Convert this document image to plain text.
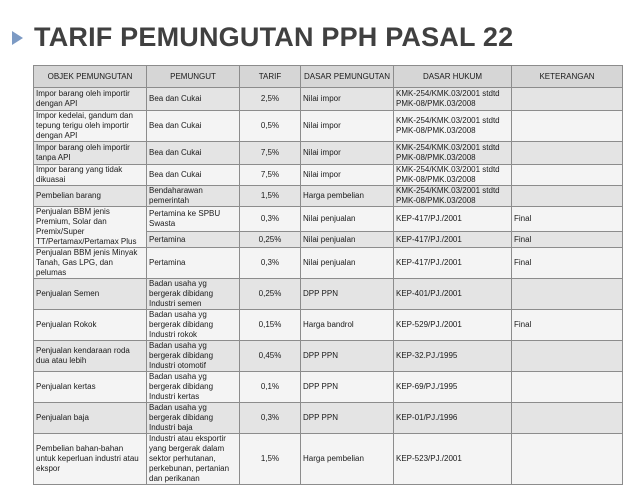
TARIF PEMUNGUTAN PPH PASAL 22
OBJEK PEMUNGUTAN	PEMUNGUT	TARIF	DASAR PEMUNGUTAN	DASAR HUKUM	KETERANGAN
Impor barang oleh importir dengan API	Bea dan Cukai	2,5%	Nilai impor	KMK-254/KMK.03/2001 stdtd PMK-08/PMK.03/2008	
Impor kedelai, gandum dan tepung terigu oleh importir dengan API	Bea dan Cukai	0,5%	Nilai impor	KMK-254/KMK.03/2001 stdtd PMK-08/PMK.03/2008	
Impor barang oleh importir tanpa API	Bea dan Cukai	7,5%	Nilai impor	KMK-254/KMK.03/2001 stdtd PMK-08/PMK.03/2008	
Impor barang yang tidak dikuasai	Bea dan Cukai	7,5%	Nilai impor	KMK-254/KMK.03/2001 stdtd PMK-08/PMK.03/2008	
Pembelian barang	Bendaharawan pemerintah	1,5%	Harga pembelian	KMK-254/KMK.03/2001 stdtd PMK-08/PMK.03/2008	
Penjualan BBM jenis Premium, Solar dan Premix/Super TT/Pertamax/Pertamax Plus	Pertamina ke SPBU Swasta	0,3%	Nilai penjualan	KEP-417/PJ./2001	Final
	Pertamina	0,25%	Nilai penjualan	KEP-417/PJ./2001	Final
Penjualan BBM jenis Minyak Tanah, Gas LPG, dan pelumas	Pertamina	0,3%	Nilai penjualan	KEP-417/PJ./2001	Final
Penjualan Semen	Badan usaha yg bergerak dibidang Industri semen	0,25%	DPP PPN	KEP-401/PJ./2001	
Penjualan Rokok	Badan usaha yg bergerak dibidang Industri rokok	0,15%	Harga bandrol	KEP-529/PJ./2001	Final
Penjualan kendaraan roda dua atau lebih	Badan usaha yg bergerak dibidang Industri otomotif	0,45%	DPP PPN	KEP-32.PJ./1995	
Penjualan kertas	Badan usaha yg bergerak dibidang Industri kertas	0,1%	DPP PPN	KEP-69/PJ./1995	
Penjualan baja	Badan usaha yg bergerak dibidang Industri baja	0,3%	DPP PPN	KEP-01/PJ./1996	
Pembelian bahan-bahan untuk keperluan industri atau ekspor	Industri atau eksportir yang bergerak dalam sektor perhutanan, perkebunan, pertanian dan perikanan	1,5%	Harga pembelian	KEP-523/PJ./2001	
